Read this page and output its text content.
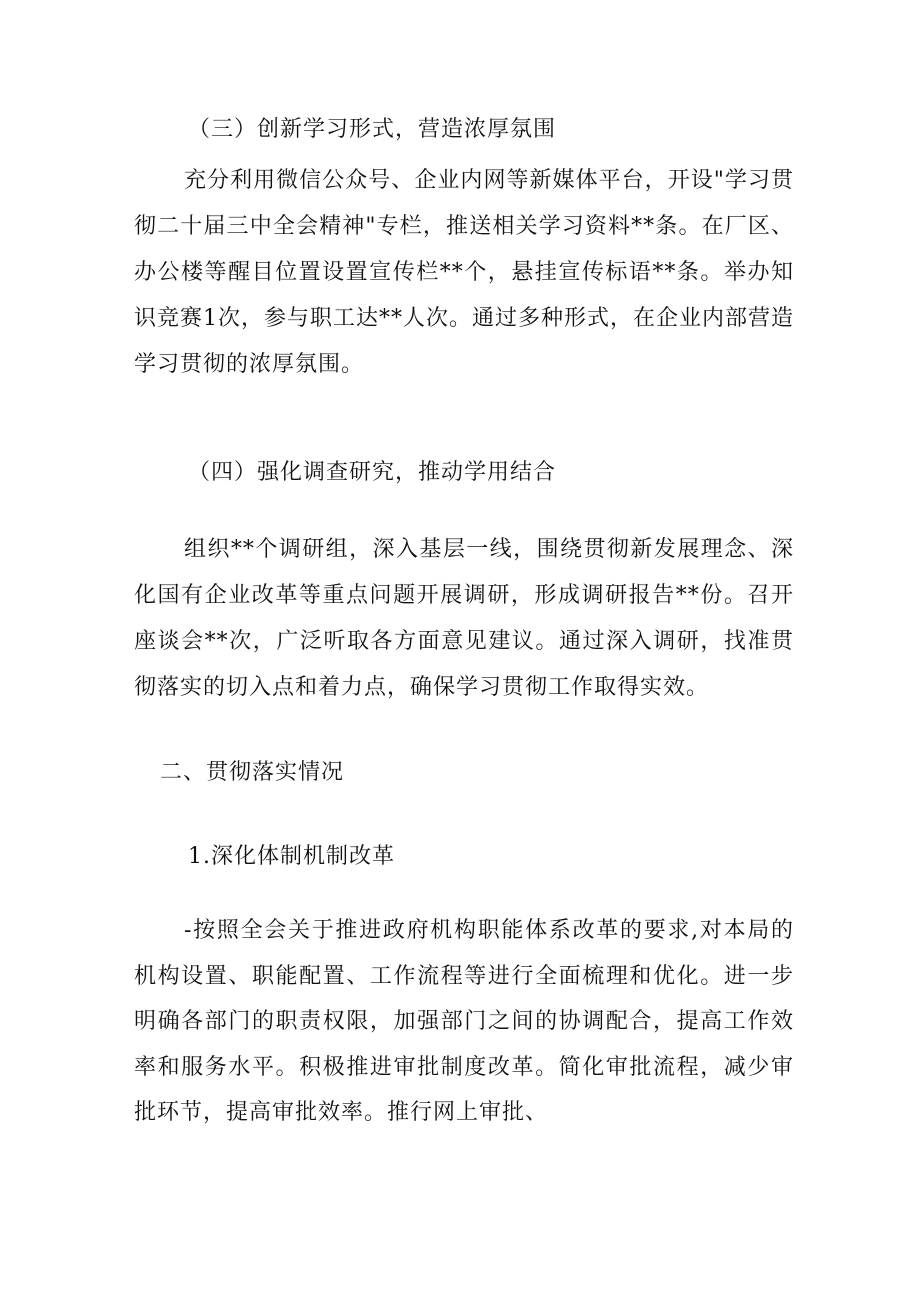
（三）创新学习形式，营造浓厚氛围
充分利用微信公众号、企业内网等新媒体平台，开设"学习贯彻二十届三中全会精神"专栏，推送相关学习资料**条。在厂区、办公楼等醒目位置设置宣传栏**个，悬挂宣传标语**条。举办知识竞赛1次，参与职工达**人次。通过多种形式，在企业内部营造学习贯彻的浓厚氛围。
（四）强化调查研究，推动学用结合
组织**个调研组，深入基层一线，围绕贯彻新发展理念、深化国有企业改革等重点问题开展调研，形成调研报告**份。召开座谈会**次，广泛听取各方面意见建议。通过深入调研，找准贯彻落实的切入点和着力点，确保学习贯彻工作取得实效。
二、贯彻落实情况
1.深化体制机制改革
-按照全会关于推进政府机构职能体系改革的要求,对本局的机构设置、职能配置、工作流程等进行全面梳理和优化。进一步明确各部门的职责权限，加强部门之间的协调配合，提高工作效率和服务水平。积极推进审批制度改革。简化审批流程，减少审批环节，提高审批效率。推行网上审批、
